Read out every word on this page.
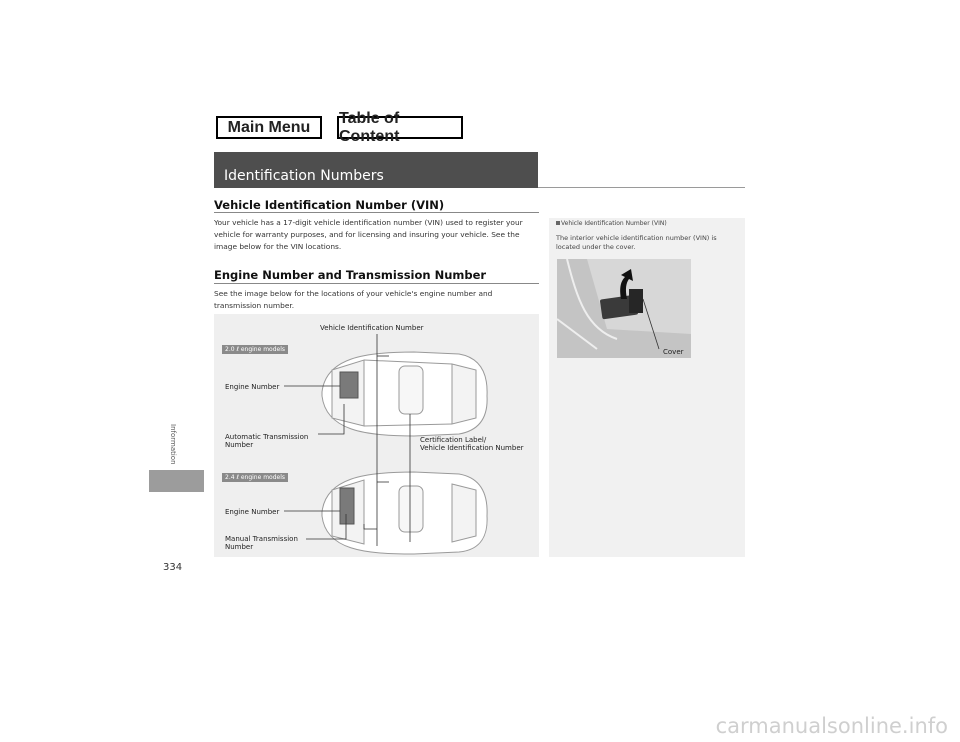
Main Menu
Table of Content
Identification Numbers
Vehicle Identification Number (VIN)
Your vehicle has a 17-digit vehicle identification number (VIN) used to register your
vehicle for warranty purposes, and for licensing and insuring your vehicle. See the
image below for the VIN locations.
Engine Number and Transmission Number
See the image below for the locations of your vehicle's engine number and
transmission number.
Vehicle Identification Number
2.0 ℓ engine models
Engine Number
Automatic Transmission
Number
Certification Label/
Vehicle Identification Number
2.4 ℓ engine models
Engine Number
Manual Transmission
Number
Information
334
Vehicle Identification Number (VIN)
The interior vehicle identification number (VIN) is
located under the cover.
Cover
carmanualsonline.info
